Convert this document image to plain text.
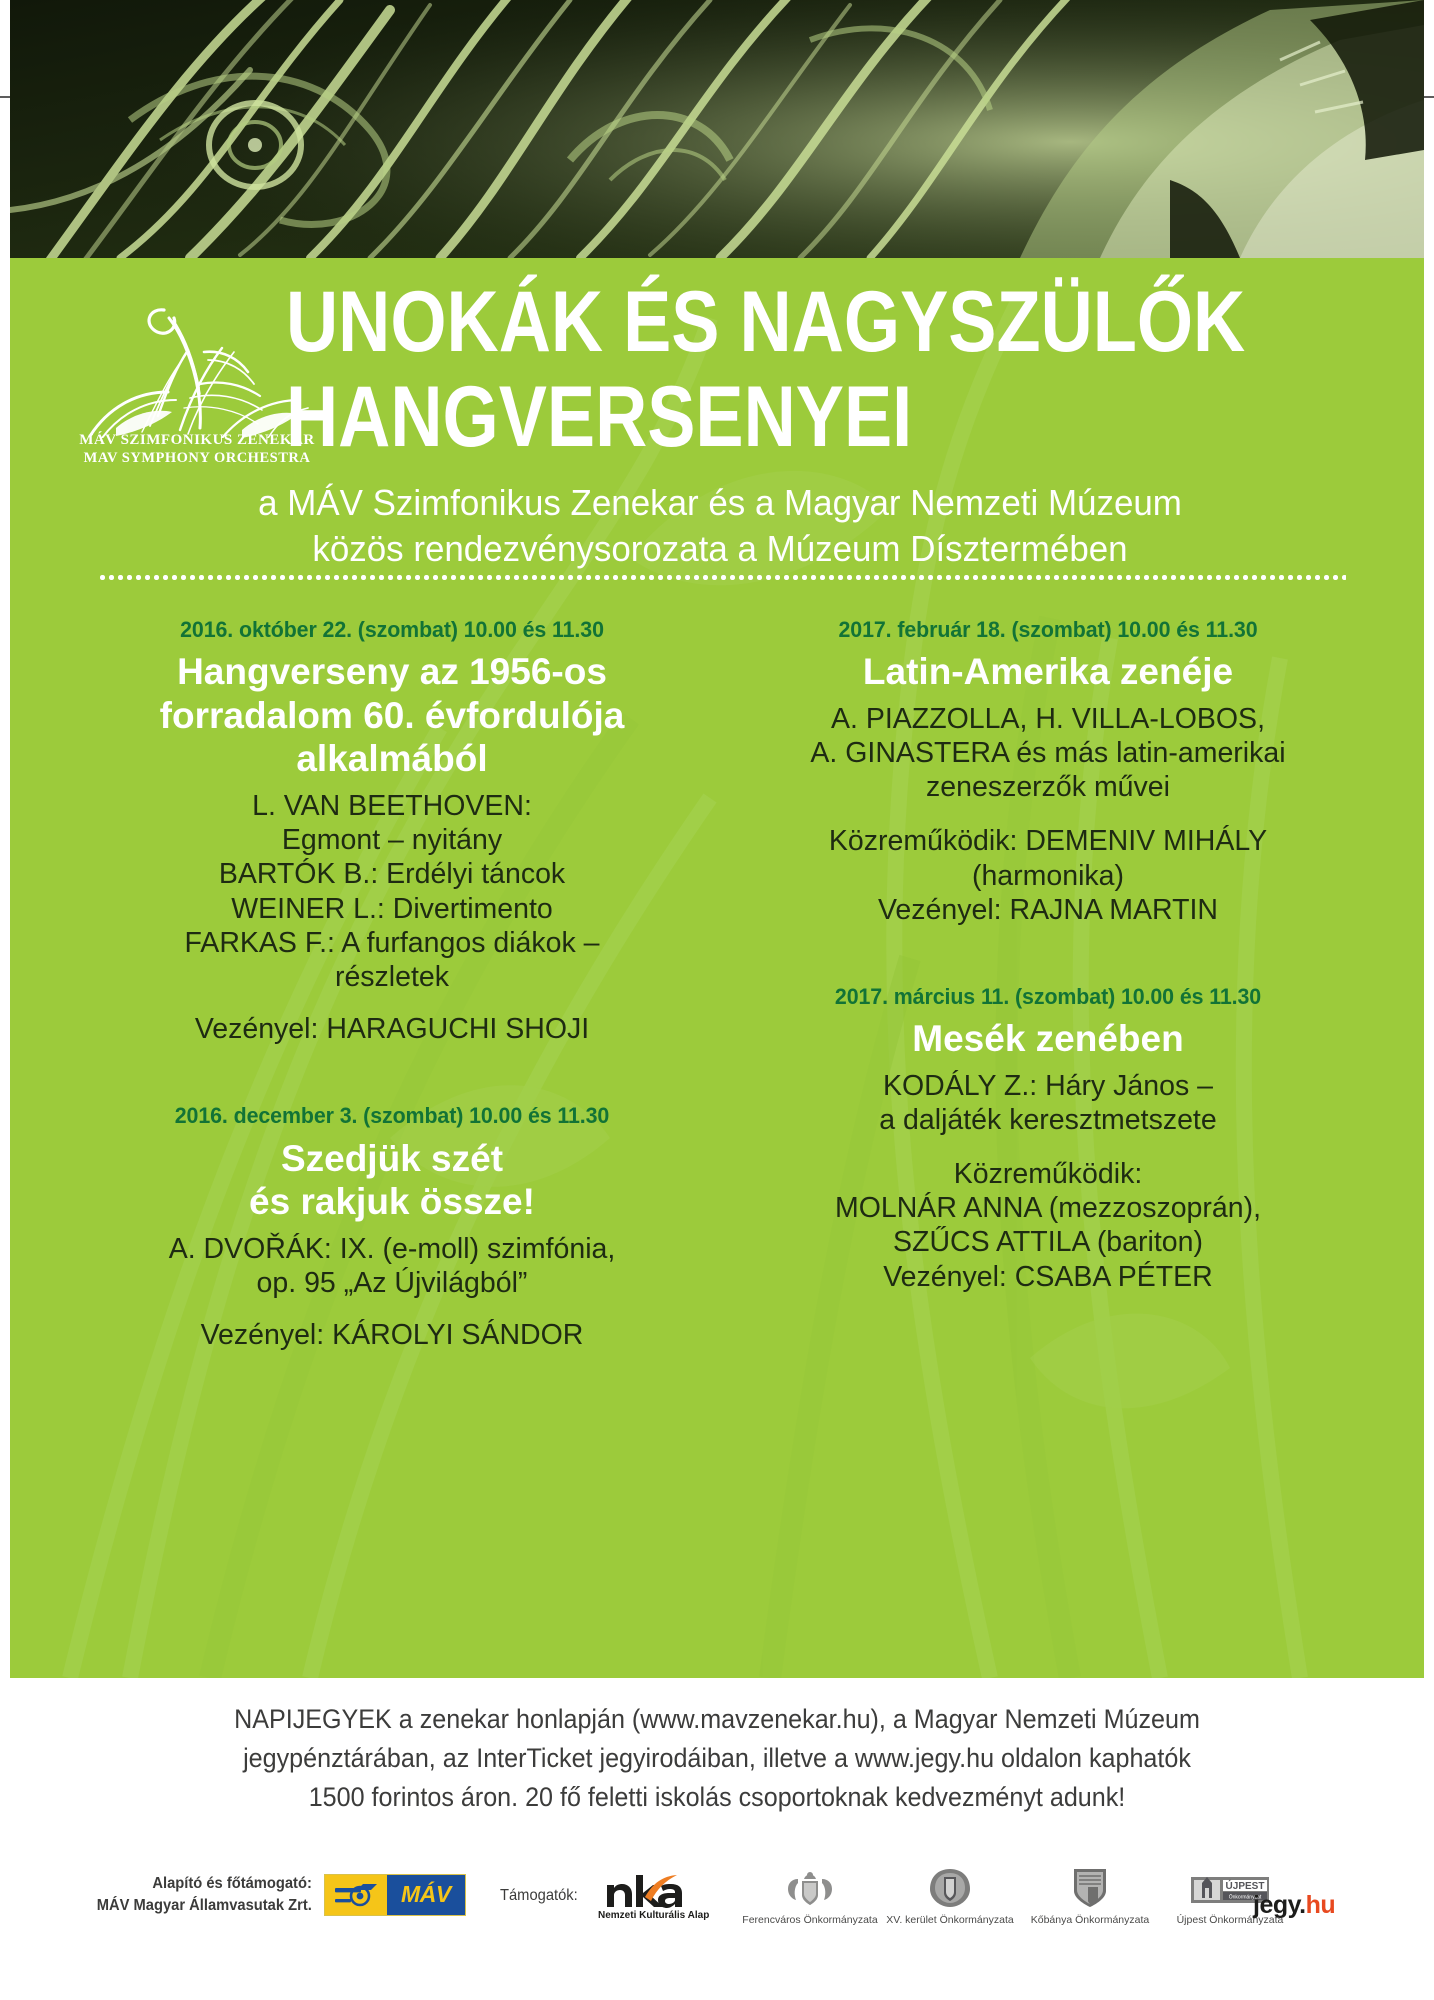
MÁV SZIMFONIKUS ZENEKAR
MAV SYMPHONY ORCHESTRA
UNOKÁK ÉS NAGYSZÜLŐK
HANGVERSENYEI
a MÁV Szimfonikus Zenekar és a Magyar Nemzeti Múzeum
közös rendezvénysorozata a Múzeum Dísztermében
2016. október 22. (szombat) 10.00 és 11.30
Hangverseny az 1956-os
forradalom 60. évfordulója
alkalmából
L. VAN BEETHOVEN:
Egmont – nyitány
BARTÓK B.: Erdélyi táncok
WEINER L.: Divertimento
FARKAS F.: A furfangos diákok –
részletek
Vezényel: HARAGUCHI SHOJI
2016. december 3. (szombat) 10.00 és 11.30
Szedjük szét
és rakjuk össze!
A. DVOŘÁK: IX. (e-moll) szimfónia,
op. 95 „Az Újvilágból”
Vezényel: KÁROLYI SÁNDOR
2017. február 18. (szombat) 10.00 és 11.30
Latin-Amerika zenéje
A. PIAZZOLLA, H. VILLA-LOBOS,
A. GINASTERA és más latin-amerikai
zeneszerzők művei
Közreműködik: DEMENIV MIHÁLY
(harmonika)
Vezényel: RAJNA MARTIN
2017. március 11. (szombat) 10.00 és 11.30
Mesék zenében
KODÁLY Z.: Háry János –
a daljáték keresztmetszete
Közreműködik:
MOLNÁR ANNA (mezzoszoprán),
SZŰCS ATTILA (bariton)
Vezényel: CSABA PÉTER
NAPIJEGYEK a zenekar honlapján (www.mavzenekar.hu), a Magyar Nemzeti Múzeum
jegypénztárában, az InterTicket jegyirodáiban, illetve a www.jegy.hu oldalon kaphatók
1500 forintos áron. 20 fő feletti iskolás csoportoknak kedvezményt adunk!
Alapító és főtámogató:
MÁV Magyar Államvasutak Zrt.	MÁV	Támogatók:
Nemzeti Kulturális Alap	Ferencváros Önkormányzata XV. kerület Önkormányzata	Kőbánya Önkormányzata
ÚJPEST
Önkormányzat
Újpest Önkormányzata
jegy.hu
